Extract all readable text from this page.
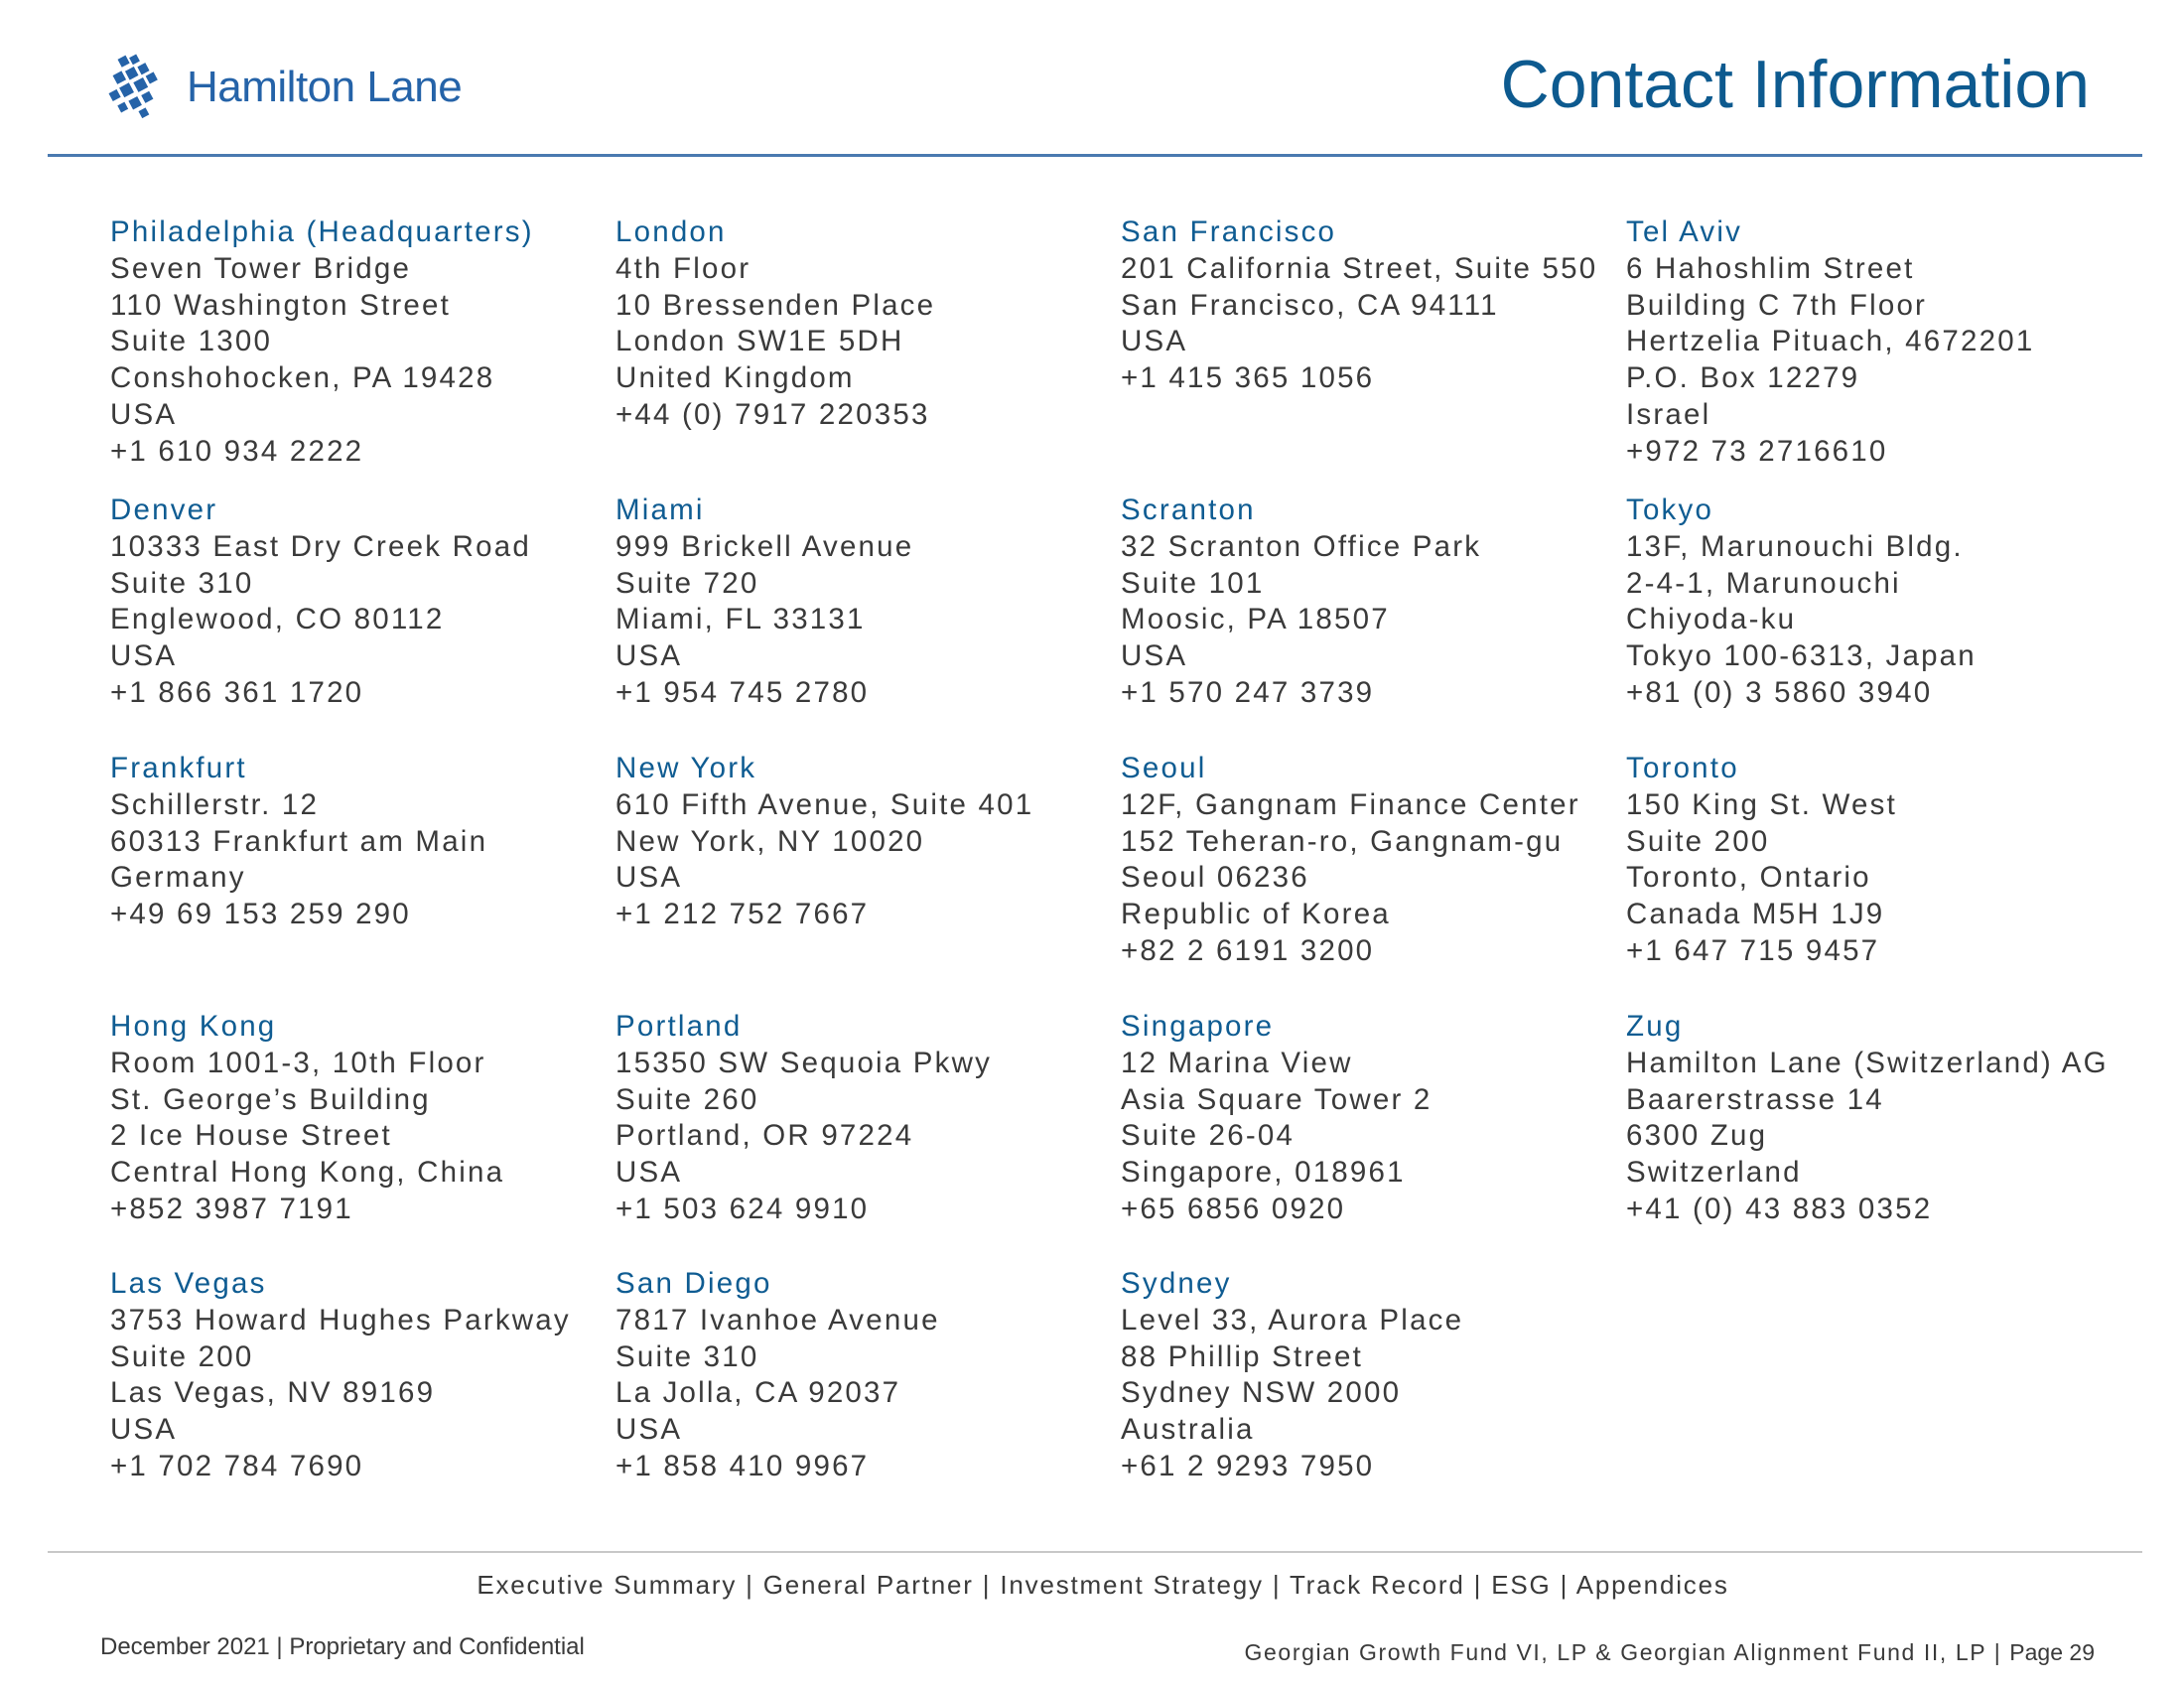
Hamilton Lane	Contact Information
Philadelphia (Headquarters)
Seven Tower Bridge
110 Washington Street
Suite 1300
Conshohocken, PA 19428
USA
+1 610 934 2222
London
4th Floor
10 Bressenden Place
London SW1E 5DH
United Kingdom
+44 (0) 7917 220353
San Francisco
201 California Street, Suite 550
San Francisco, CA 94111
USA
+1 415 365 1056
Tel Aviv
6 Hahoshlim Street
Building C 7th Floor
Hertzelia Pituach, 4672201
P.O. Box 12279
Israel
+972 73 2716610
Denver
10333 East Dry Creek Road
Suite 310
Englewood, CO 80112
USA
+1 866 361 1720
Miami
999 Brickell Avenue
Suite 720
Miami, FL 33131
USA
+1 954 745 2780
Scranton
32 Scranton Office Park
Suite 101
Moosic, PA 18507
USA
+1 570 247 3739
Tokyo
13F, Marunouchi Bldg.
2-4-1, Marunouchi
Chiyoda-ku
Tokyo 100-6313, Japan
+81 (0) 3 5860 3940
Frankfurt
Schillerstr. 12
60313 Frankfurt am Main
Germany
+49 69 153 259 290
New York
610 Fifth Avenue, Suite 401
New York, NY 10020
USA
+1 212 752 7667
Seoul
12F, Gangnam Finance Center
152 Teheran-ro, Gangnam-gu
Seoul 06236
Republic of Korea
+82 2 6191 3200
Toronto
150 King St. West
Suite 200
Toronto, Ontario
Canada M5H 1J9
+1 647 715 9457
Hong Kong
Room 1001-3, 10th Floor
St. George’s Building
2 Ice House Street
Central Hong Kong, China
+852 3987 7191
Portland
15350 SW Sequoia Pkwy
Suite 260
Portland, OR 97224
USA
+1 503 624 9910
Singapore
12 Marina View
Asia Square Tower 2
Suite 26-04
Singapore, 018961
+65 6856 0920
Zug
Hamilton Lane (Switzerland) AG
Baarerstrasse 14
6300 Zug
Switzerland
+41 (0) 43 883 0352
Las Vegas
3753 Howard Hughes Parkway
Suite 200
Las Vegas, NV 89169
USA
+1 702 784 7690
San Diego
7817 Ivanhoe Avenue
Suite 310
La Jolla, CA 92037
USA
+1 858 410 9967
Sydney
Level 33, Aurora Place
88 Phillip Street
Sydney NSW 2000
Australia
+61 2 9293 7950
Executive Summary | General Partner | Investment Strategy | Track Record | ESG | Appendices
December 2021 | Proprietary and Confidential	Georgian Growth Fund VI, LP & Georgian Alignment Fund II, LP | Page 29
